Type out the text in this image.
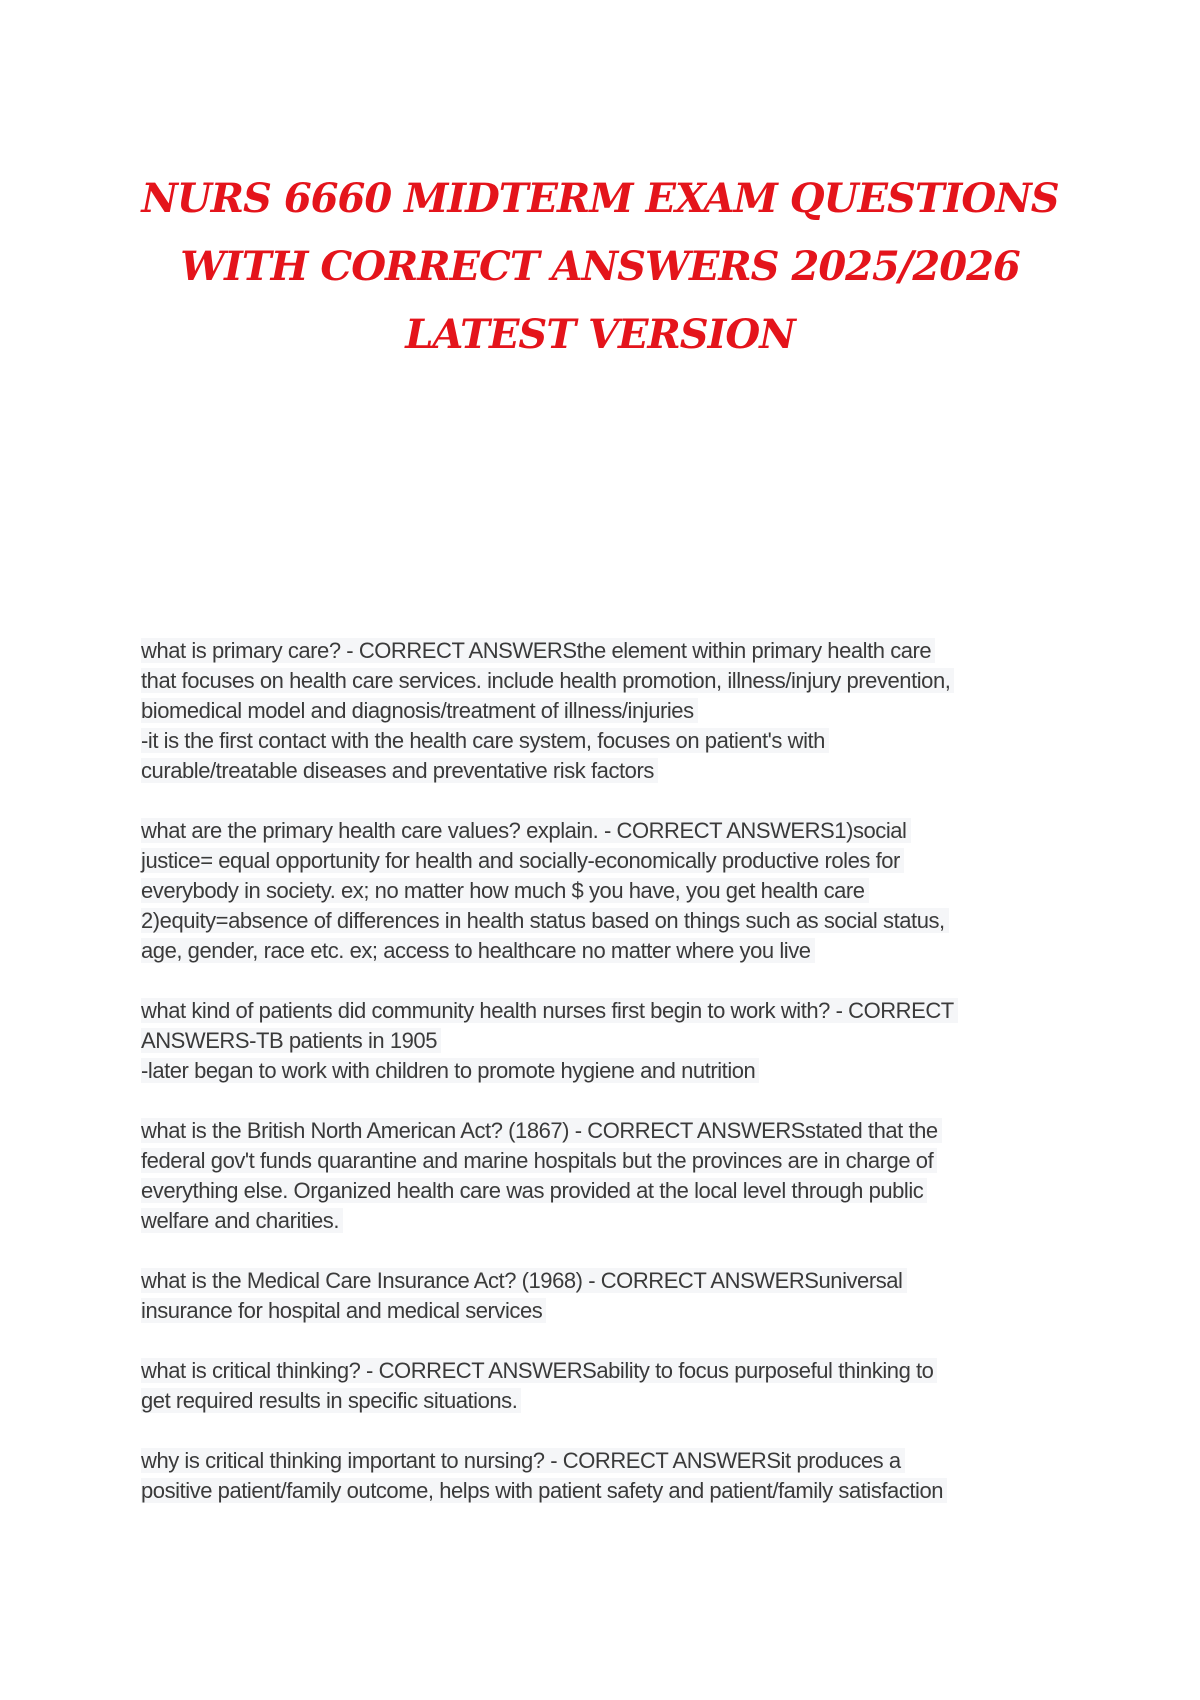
NURS 6660 MIDTERM EXAM QUESTIONS
WITH CORRECT ANSWERS 2025/2026
LATEST VERSION
what is primary care? - CORRECT ANSWERSthe element within primary health care
that focuses on health care services. include health promotion, illness/injury prevention,
biomedical model and diagnosis/treatment of illness/injuries
-it is the first contact with the health care system, focuses on patient's with
curable/treatable diseases and preventative risk factors
what are the primary health care values? explain. - CORRECT ANSWERS1)social
justice= equal opportunity for health and socially-economically productive roles for
everybody in society. ex; no matter how much $ you have, you get health care
2)equity=absence of differences in health status based on things such as social status,
age, gender, race etc. ex; access to healthcare no matter where you live
what kind of patients did community health nurses first begin to work with? - CORRECT
ANSWERS-TB patients in 1905
-later began to work with children to promote hygiene and nutrition
what is the British North American Act? (1867) - CORRECT ANSWERSstated that the
federal gov't funds quarantine and marine hospitals but the provinces are in charge of
everything else. Organized health care was provided at the local level through public
welfare and charities.
what is the Medical Care Insurance Act? (1968) - CORRECT ANSWERSuniversal
insurance for hospital and medical services
what is critical thinking? - CORRECT ANSWERSability to focus purposeful thinking to
get required results in specific situations.
why is critical thinking important to nursing? - CORRECT ANSWERSit produces a
positive patient/family outcome, helps with patient safety and patient/family satisfaction
